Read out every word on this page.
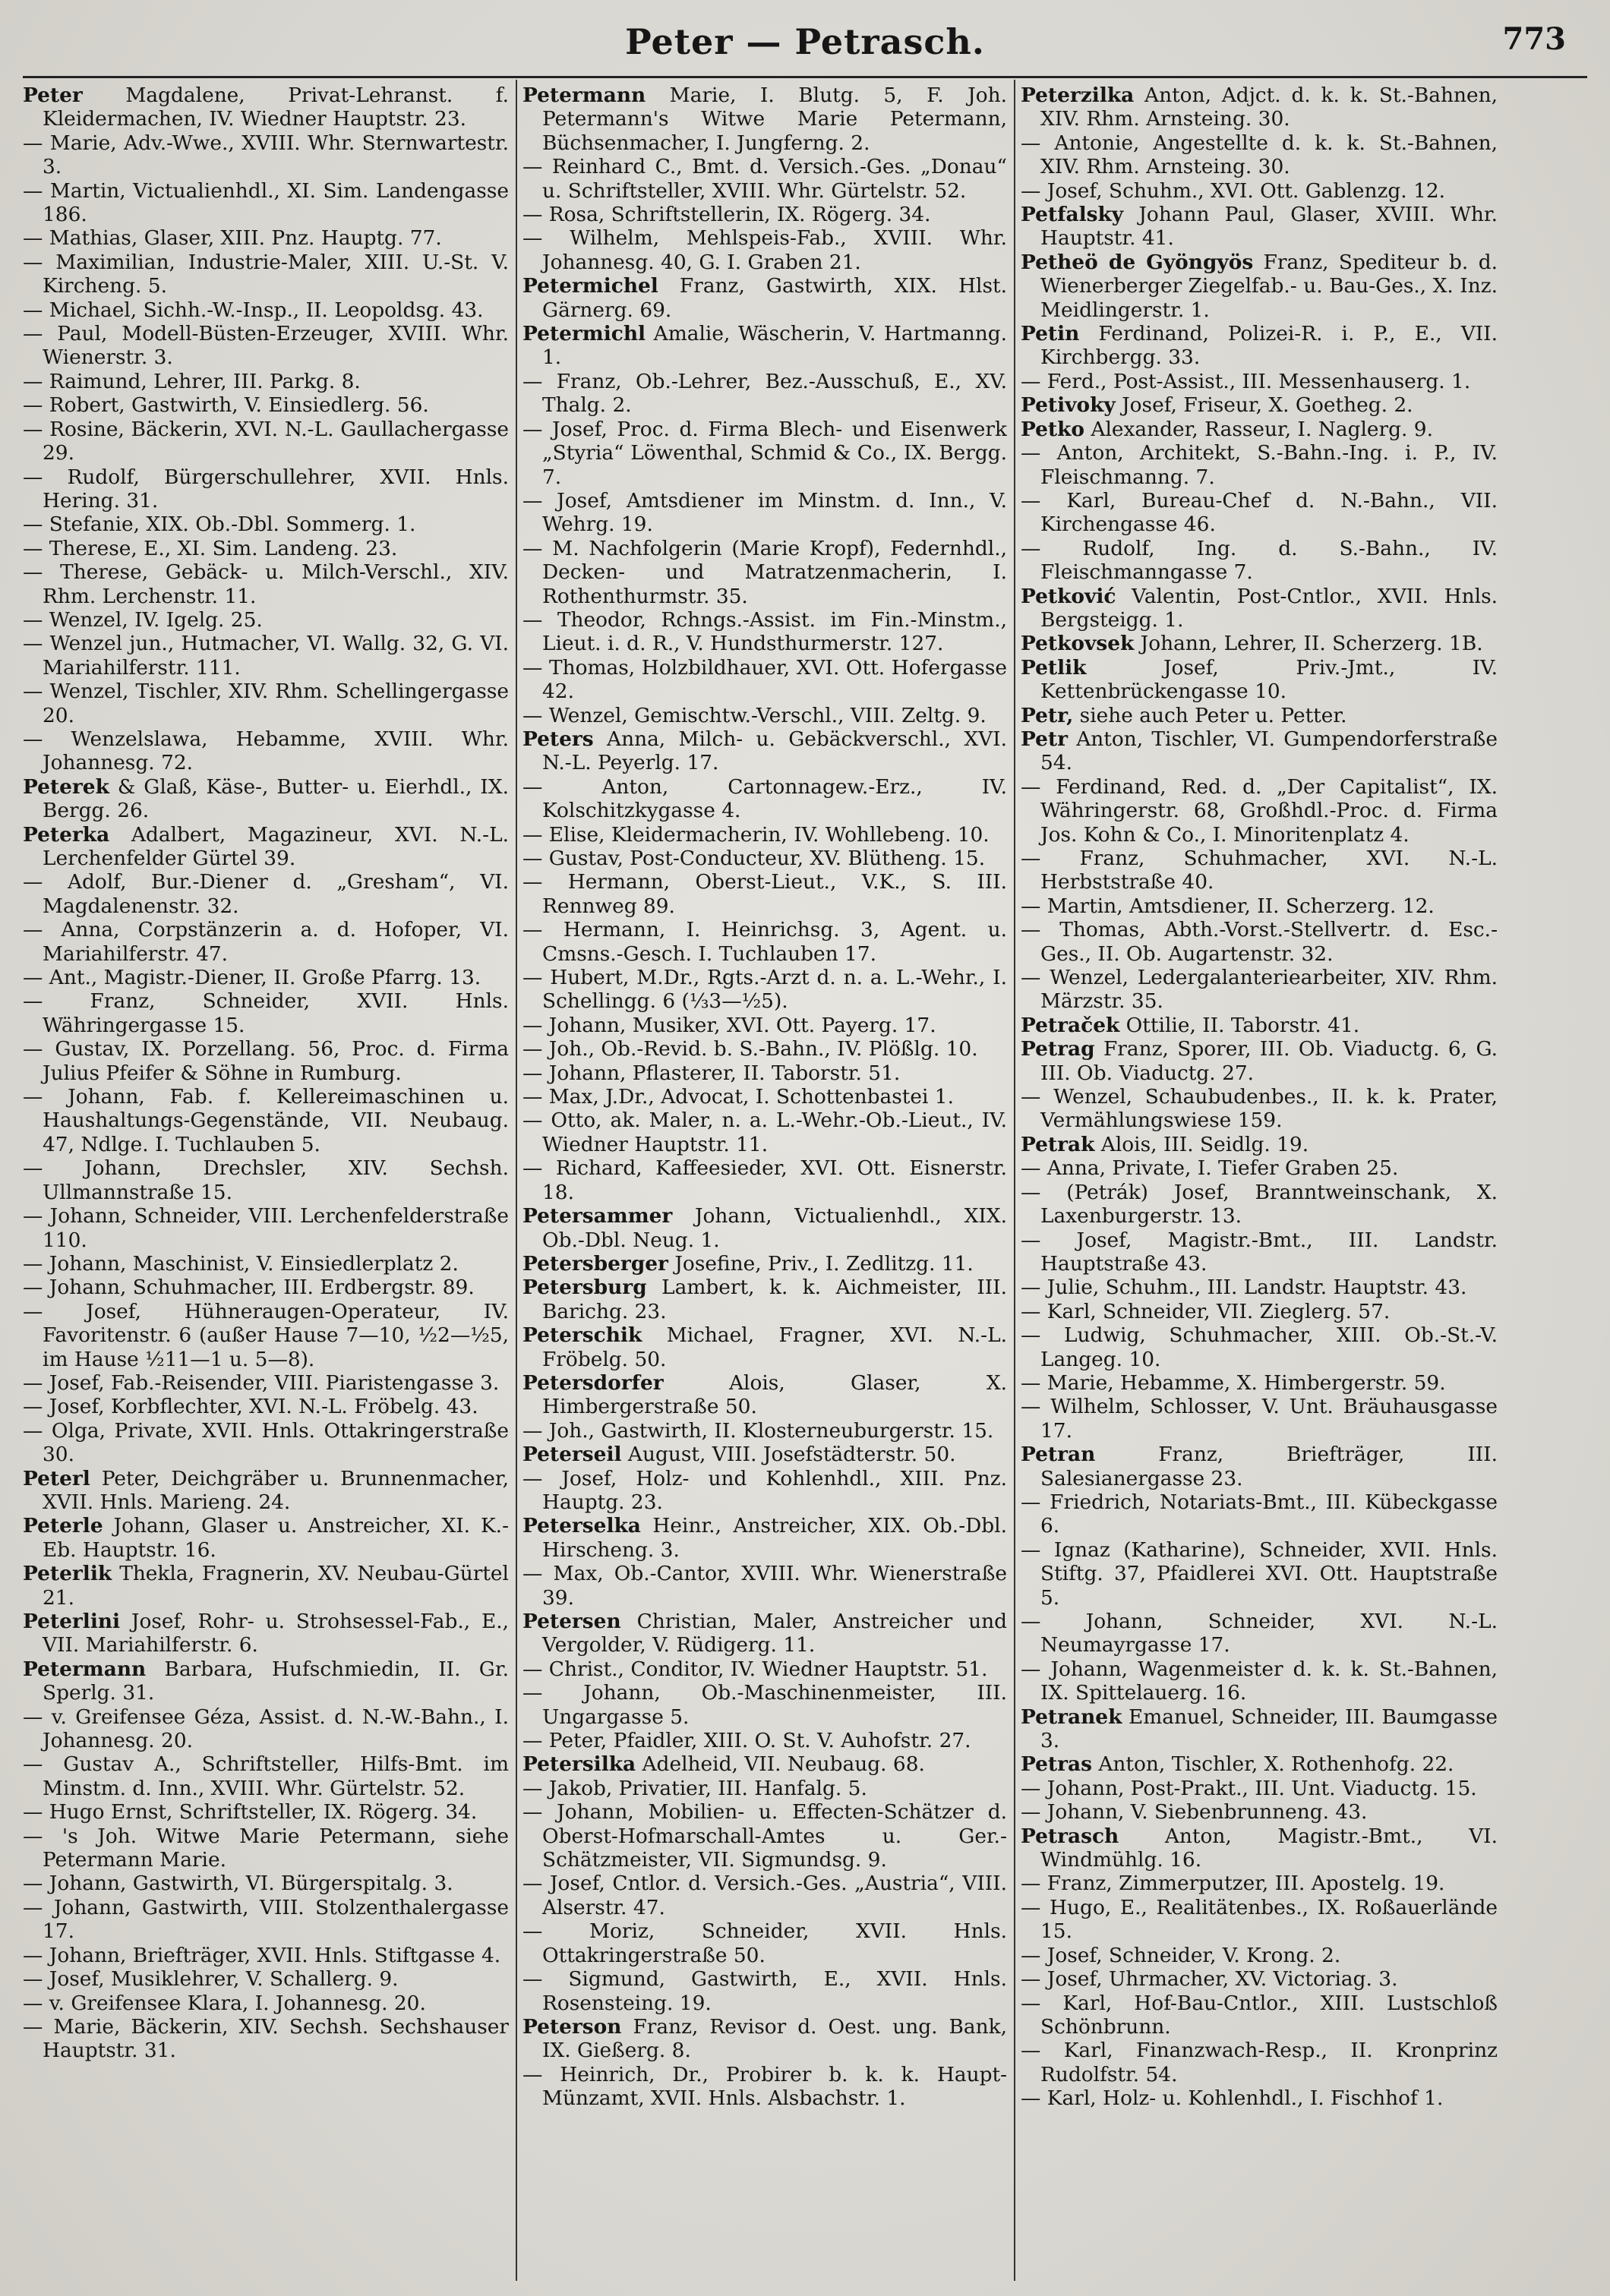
Peter — Petrasch.	773

Peter Magdalene, Privat-Lehranst. f. Kleidermachen, IV. Wiedner Hauptstr. 23.

— Marie, Adv.-Wwe., XVIII. Whr. Sternwartestr. 3.

— Martin, Victualienhdl., XI. Sim. Landengasse 186.

— Mathias, Glaser, XIII. Pnz. Hauptg. 77.

— Maximilian, Industrie-Maler, XIII. U.-St. V. Kircheng. 5.

— Michael, Sichh.-W.-Insp., II. Leopoldsg. 43.

— Paul, Modell-Büsten-Erzeuger, XVIII. Whr. Wienerstr. 3.

— Raimund, Lehrer, III. Parkg. 8.

— Robert, Gastwirth, V. Einsiedlerg. 56.

— Rosine, Bäckerin, XVI. N.-L. Gaullachergasse 29.

— Rudolf, Bürgerschullehrer, XVII. Hnls. Hering. 31.

— Stefanie, XIX. Ob.-Dbl. Sommerg. 1.

— Therese, E., XI. Sim. Landeng. 23.

— Therese, Gebäck- u. Milch-Verschl., XIV. Rhm. Lerchenstr. 11.

— Wenzel, IV. Igelg. 25.

— Wenzel jun., Hutmacher, VI. Wallg. 32, G. VI. Mariahilferstr. 111.

— Wenzel, Tischler, XIV. Rhm. Schellingergasse 20.

— Wenzelslawa, Hebamme, XVIII. Whr. Johannesg. 72.

Peterek & Glaß, Käse-, Butter- u. Eierhdl., IX. Bergg. 26.

Peterka Adalbert, Magazineur, XVI. N.-L. Lerchenfelder Gürtel 39.

— Adolf, Bur.-Diener d. „Gresham“, VI. Magdalenenstr. 32.

— Anna, Corpstänzerin a. d. Hofoper, VI. Mariahilferstr. 47.

— Ant., Magistr.-Diener, II. Große Pfarrg. 13.

— Franz, Schneider, XVII. Hnls. Währingergasse 15.

— Gustav, IX. Porzellang. 56, Proc. d. Firma Julius Pfeifer & Söhne in Rumburg.

— Johann, Fab. f. Kellereimaschinen u. Haushaltungs-Gegenstände, VII. Neubaug. 47, Ndlge. I. Tuchlauben 5.

— Johann, Drechsler, XIV. Sechsh. Ullmannstraße 15.

— Johann, Schneider, VIII. Lerchenfelderstraße 110.

— Johann, Maschinist, V. Einsiedlerplatz 2.

— Johann, Schuhmacher, III. Erdbergstr. 89.

— Josef, Hühneraugen-Operateur, IV. Favoritenstr. 6 (außer Hause 7—10, ½2—½5, im Hause ½11—1 u. 5—8).

— Josef, Fab.-Reisender, VIII. Piaristengasse 3.

— Josef, Korbflechter, XVI. N.-L. Fröbelg. 43.

— Olga, Private, XVII. Hnls. Ottakringerstraße 30.

Peterl Peter, Deichgräber u. Brunnenmacher, XVII. Hnls. Marieng. 24.

Peterle Johann, Glaser u. Anstreicher, XI. K.-Eb. Hauptstr. 16.

Peterlik Thekla, Fragnerin, XV. Neubau-Gürtel 21.

Peterlini Josef, Rohr- u. Strohsessel-Fab., E., VII. Mariahilferstr. 6.

Petermann Barbara, Hufschmiedin, II. Gr. Sperlg. 31.

— v. Greifensee Géza, Assist. d. N.-W.-Bahn., I. Johannesg. 20.

— Gustav A., Schriftsteller, Hilfs-Bmt. im Minstm. d. Inn., XVIII. Whr. Gürtelstr. 52.

— Hugo Ernst, Schriftsteller, IX. Rögerg. 34.

— 's Joh. Witwe Marie Petermann, siehe Petermann Marie.

— Johann, Gastwirth, VI. Bürgerspitalg. 3.

— Johann, Gastwirth, VIII. Stolzenthalergasse 17.

— Johann, Briefträger, XVII. Hnls. Stiftgasse 4.

— Josef, Musiklehrer, V. Schallerg. 9.

— v. Greifensee Klara, I. Johannesg. 20.

— Marie, Bäckerin, XIV. Sechsh. Sechshauser Hauptstr. 31.

Petermann Marie, I. Blutg. 5, F. Joh. Petermann's Witwe Marie Petermann, Büchsenmacher, I. Jungferng. 2.

— Reinhard C., Bmt. d. Versich.-Ges. „Donau“ u. Schriftsteller, XVIII. Whr. Gürtelstr. 52.

— Rosa, Schriftstellerin, IX. Rögerg. 34.

— Wilhelm, Mehlspeis-Fab., XVIII. Whr. Johannesg. 40, G. I. Graben 21.

Petermichel Franz, Gastwirth, XIX. Hlst. Gärnerg. 69.

Petermichl Amalie, Wäscherin, V. Hartmanng. 1.

— Franz, Ob.-Lehrer, Bez.-Ausschuß, E., XV. Thalg. 2.

— Josef, Proc. d. Firma Blech- und Eisenwerk „Styria“ Löwenthal, Schmid & Co., IX. Bergg. 7.

— Josef, Amtsdiener im Minstm. d. Inn., V. Wehrg. 19.

— M. Nachfolgerin (Marie Kropf), Federnhdl., Decken- und Matratzenmacherin, I. Rothenthurmstr. 35.

— Theodor, Rchngs.-Assist. im Fin.-Minstm., Lieut. i. d. R., V. Hundsthurmerstr. 127.

— Thomas, Holzbildhauer, XVI. Ott. Hofergasse 42.

— Wenzel, Gemischtw.-Verschl., VIII. Zeltg. 9.

Peters Anna, Milch- u. Gebäckverschl., XVI. N.-L. Peyerlg. 17.

— Anton, Cartonnagew.-Erz., IV. Kolschitzkygasse 4.

— Elise, Kleidermacherin, IV. Wohllebeng. 10.

— Gustav, Post-Conducteur, XV. Blüthеng. 15.

— Hermann, Oberst-Lieut., V.K., S. III. Rennweg 89.

— Hermann, I. Heinrichsg. 3, Agent. u. Cmsns.-Gesch. I. Tuchlauben 17.

— Hubert, M.Dr., Rgts.-Arzt d. n. a. L.-Wehr., I. Schellingg. 6 (⅓3—½5).

— Johann, Musiker, XVI. Ott. Payerg. 17.

— Joh., Ob.-Revid. b. S.-Bahn., IV. Plößlg. 10.

— Johann, Pflasterer, II. Taborstr. 51.

— Max, J.Dr., Advocat, I. Schottenbastei 1.

— Otto, ak. Maler, n. a. L.-Wehr.-Ob.-Lieut., IV. Wiedner Hauptstr. 11.

— Richard, Kaffeesieder, XVI. Ott. Eisnerstr. 18.

Petersammer Johann, Victualienhdl., XIX. Ob.-Dbl. Neug. 1.

Petersberger Josefine, Priv., I. Zedlitzg. 11.

Petersburg Lambert, k. k. Aichmeister, III. Barichg. 23.

Peterschik Michael, Fragner, XVI. N.-L. Fröbelg. 50.

Petersdorfer Alois, Glaser, X. Himbergerstraße 50.

— Joh., Gastwirth, II. Klosterneuburgerstr. 15.

Peterseil August, VIII. Josefstädterstr. 50.

— Josef, Holz- und Kohlenhdl., XIII. Pnz. Hauptg. 23.

Peterselka Heinr., Anstreicher, XIX. Ob.-Dbl. Hirscheng. 3.

— Max, Ob.-Cantor, XVIII. Whr. Wienerstraße 39.

Petersen Christian, Maler, Anstreicher und Vergolder, V. Rüdigerg. 11.

— Christ., Conditor, IV. Wiedner Hauptstr. 51.

— Johann, Ob.-Maschinenmeister, III. Ungargasse 5.

— Peter, Pfaidler, XIII. O. St. V. Auhofstr. 27.

Petersilka Adelheid, VII. Neubaug. 68.

— Jakob, Privatier, III. Hanfalg. 5.

— Johann, Mobilien- u. Effecten-Schätzer d. Oberst-Hofmarschall-Amtes u. Ger.-Schätzmeister, VII. Sigmundsg. 9.

— Josef, Cntlor. d. Versich.-Ges. „Austria“, VIII. Alserstr. 47.

— Moriz, Schneider, XVII. Hnls. Ottakringerstraße 50.

— Sigmund, Gastwirth, E., XVII. Hnls. Rosensteing. 19.

Peterson Franz, Revisor d. Oest. ung. Bank, IX. Gießerg. 8.

— Heinrich, Dr., Probirer b. k. k. Haupt-Münzamt, XVII. Hnls. Alsbachstr. 1.

Peterzilka Anton, Adjct. d. k. k. St.-Bahnen, XIV. Rhm. Arnsteing. 30.

— Antonie, Angestellte d. k. k. St.-Bahnen, XIV. Rhm. Arnsteing. 30.

— Josef, Schuhm., XVI. Ott. Gablenzg. 12.

Petfalsky Johann Paul, Glaser, XVIII. Whr. Hauptstr. 41.

Petheö de Gyöngyös Franz, Spediteur b. d. Wienerberger Ziegelfab.- u. Bau-Ges., X. Inz. Meidlingerstr. 1.

Petin Ferdinand, Polizei-R. i. P., E., VII. Kirchbergg. 33.

— Ferd., Post-Assist., III. Messenhauserg. 1.

Petivoky Josef, Friseur, X. Goetheg. 2.

Petko Alexander, Rasseur, I. Naglerg. 9.

— Anton, Architekt, S.-Bahn.-Ing. i. P., IV. Fleischmanng. 7.

— Karl, Bureau-Chef d. N.-Bahn., VII. Kirchengasse 46.

— Rudolf, Ing. d. S.-Bahn., IV. Fleischmanngasse 7.

Petković Valentin, Post-Cntlor., XVII. Hnls. Bergsteigg. 1.

Petkovsek Johann, Lehrer, II. Scherzerg. 1B.

Petlik Josef, Priv.-Jmt., IV. Kettenbrückengasse 10.

Petr, siehe auch Peter u. Petter.

Petr Anton, Tischler, VI. Gumpendorferstraße 54.

— Ferdinand, Red. d. „Der Capitalist“, IX. Währingerstr. 68, Großhdl.-Proc. d. Firma Jos. Kohn & Co., I. Minoritenplatz 4.

— Franz, Schuhmacher, XVI. N.-L. Herbststraße 40.

— Martin, Amtsdiener, II. Scherzerg. 12.

— Thomas, Abth.-Vorst.-Stellvertr. d. Esc.-Ges., II. Ob. Augartenstr. 32.

— Wenzel, Ledergalanteriearbeiter, XIV. Rhm. Märzstr. 35.

Petraček Ottilie, II. Taborstr. 41.

Petrag Franz, Sporer, III. Ob. Viaductg. 6, G. III. Ob. Viaductg. 27.

— Wenzel, Schaubudenbes., II. k. k. Prater, Vermählungswiese 159.

Petrak Alois, III. Seidlg. 19.

— Anna, Private, I. Tiefer Graben 25.

— (Petrák) Josef, Branntweinschank, X. Laxenburgerstr. 13.

— Josef, Magistr.-Bmt., III. Landstr. Hauptstraße 43.

— Julie, Schuhm., III. Landstr. Hauptstr. 43.

— Karl, Schneider, VII. Zieglerg. 57.

— Ludwig, Schuhmacher, XIII. Ob.-St.-V. Langeg. 10.

— Marie, Hebamme, X. Himbergerstr. 59.

— Wilhelm, Schlosser, V. Unt. Bräuhausgasse 17.

Petran Franz, Briefträger, III. Salesianergasse 23.

— Friedrich, Notariats-Bmt., III. Kübeckgasse 6.

— Ignaz (Katharine), Schneider, XVII. Hnls. Stiftg. 37, Pfaidlerei XVI. Ott. Hauptstraße 5.

— Johann, Schneider, XVI. N.-L. Neumayrgasse 17.

— Johann, Wagenmeister d. k. k. St.-Bahnen, IX. Spittelauerg. 16.

Petranek Emanuel, Schneider, III. Baumgasse 3.

Petras Anton, Tischler, X. Rothenhofg. 22.

— Johann, Post-Prakt., III. Unt. Viaductg. 15.

— Johann, V. Siebenbrunneng. 43.

Petrasch Anton, Magistr.-Bmt., VI. Windmühlg. 16.

— Franz, Zimmerputzer, III. Apostelg. 19.

— Hugo, E., Realitätenbes., IX. Roßauerlände 15.

— Josef, Schneider, V. Krong. 2.

— Josef, Uhrmacher, XV. Victoriag. 3.

— Karl, Hof-Bau-Cntlor., XIII. Lustschloß Schönbrunn.

— Karl, Finanzwach-Resp., II. Kronprinz Rudolfstr. 54.

— Karl, Holz- u. Kohlenhdl., I. Fischhof 1.
